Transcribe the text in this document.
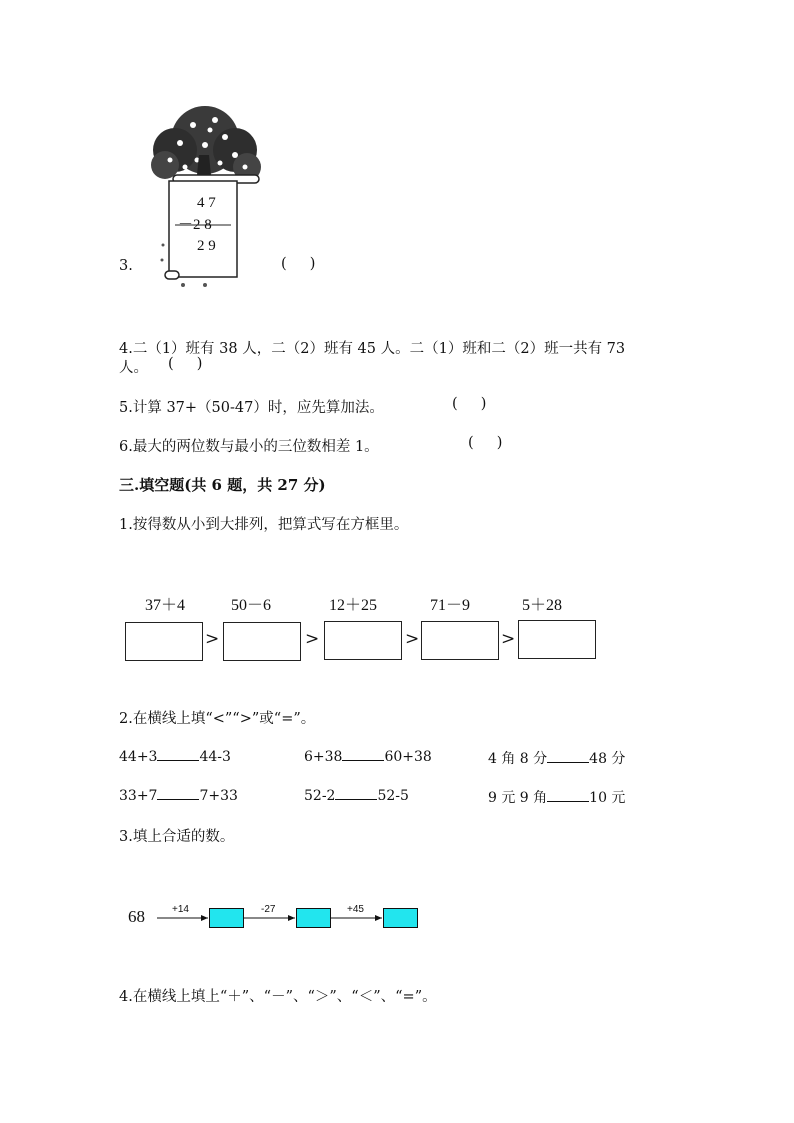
4 7
－2 8
2 9
3.	(     )
4.二（1）班有 38 人，二（2）班有 45 人。二（1）班和二（2）班一共有 73
人。 (     )
5.计算 37+（50-47）时，应先算加法。	(     )
6.最大的两位数与最小的三位数相差 1。	(     )
三.填空题(共 6 题，共 27 分)
1.按得数从小到大排列，把算式写在方框里。
37＋4	50－6	12＋25	71－9	5＋28
>	>	>	>
2.在横线上填“<”“>”或“=”。
44+3	44-3	6+38	60+38	4 角 8 分	48 分
33+7	7+33	52-2	52-5	9 元 9 角	10 元
3.填上合适的数。
68	+14	-27	+45
4.在横线上填上“＋”、“－”、“＞”、“＜”、“=”。
